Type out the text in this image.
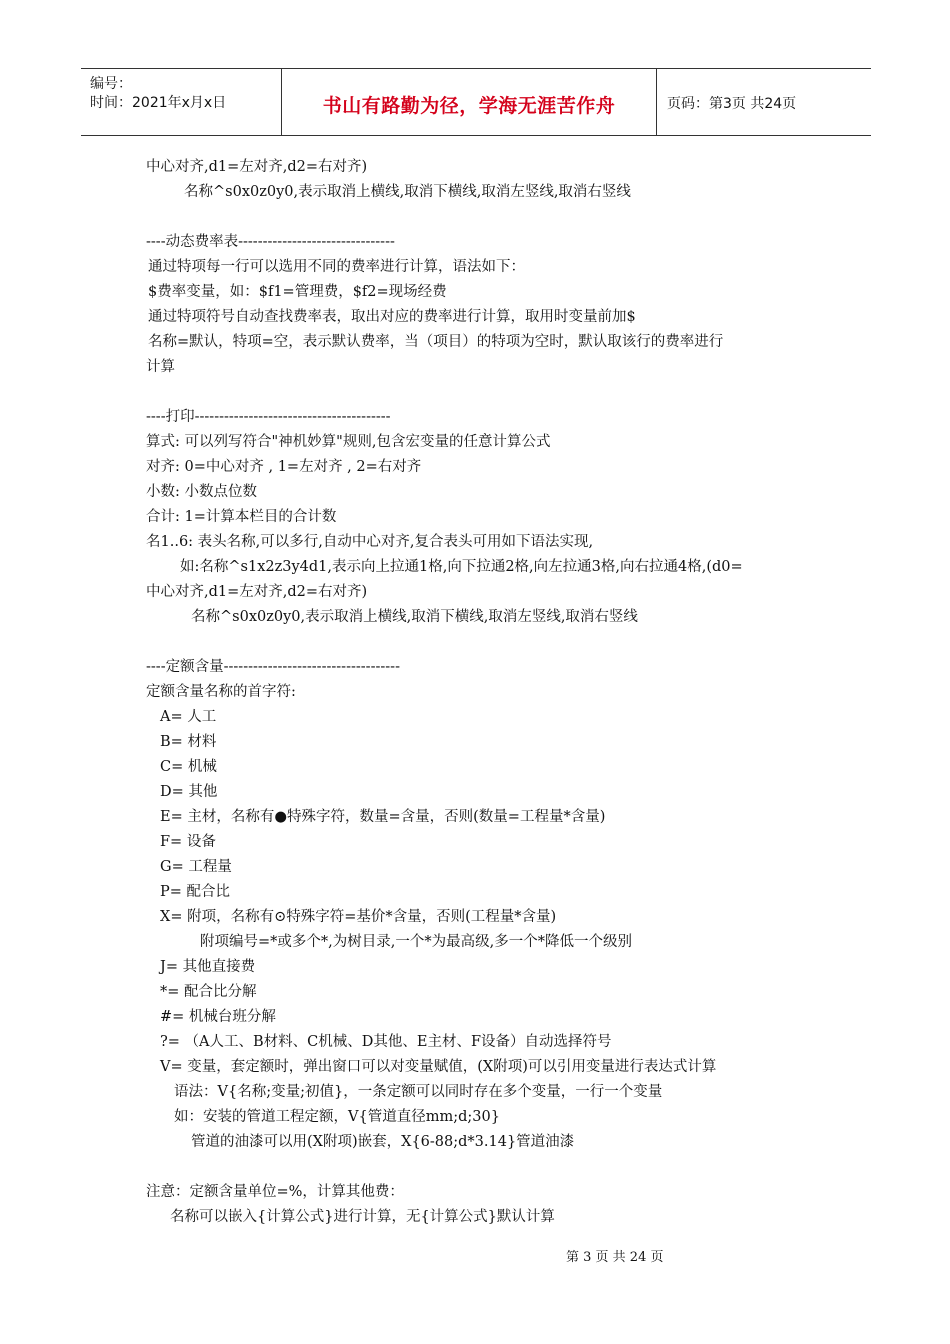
编号：
时间：2021年x月x日	书山有路勤为径，学海无涯苦作舟	页码：第3页 共24页
中心对齐,d1=左对齐,d2=右对齐)
名称^s0x0z0y0,表示取消上横线,取消下横线,取消左竖线,取消右竖线
----动态费率表--------------------------------
通过特项每一行可以选用不同的费率进行计算，语法如下：
$费率变量，如：$f1=管理费，$f2=现场经费
通过特项符号自动查找费率表，取出对应的费率进行计算，取用时变量前加$
名称=默认，特项=空，表示默认费率，当（项目）的特项为空时，默认取该行的费率进行
计算
----打印----------------------------------------
算式: 可以列写符合"神机妙算"规则,包含宏变量的任意计算公式
对齐: 0=中心对齐 , 1=左对齐 , 2=右对齐
小数: 小数点位数
合计: 1=计算本栏目的合计数
名1..6: 表头名称,可以多行,自动中心对齐,复合表头可用如下语法实现,
如:名称^s1x2z3y4d1,表示向上拉通1格,向下拉通2格,向左拉通3格,向右拉通4格,(d0=
中心对齐,d1=左对齐,d2=右对齐)
名称^s0x0z0y0,表示取消上横线,取消下横线,取消左竖线,取消右竖线
----定额含量------------------------------------
定额含量名称的首字符:
A= 人工
B= 材料
C= 机械
D= 其他
E= 主材，名称有●特殊字符，数量=含量，否则(数量=工程量*含量)
F= 设备
G= 工程量
P= 配合比
X= 附项，名称有⊙特殊字符=基价*含量，否则(工程量*含量)
附项编号=*或多个*,为树目录,一个*为最高级,多一个*降低一个级别
J= 其他直接费
*= 配合比分解
#= 机械台班分解
?= （A人工、B材料、C机械、D其他、E主材、F设备）自动选择符号
V= 变量，套定额时，弹出窗口可以对变量赋值，(X附项)可以引用变量进行表达式计算
语法：V{名称;变量;初值}，一条定额可以同时存在多个变量，一行一个变量
如：安装的管道工程定额，V{管道直径mm;d;30}
管道的油漆可以用(X附项)嵌套，X{6-88;d*3.14}管道油漆
注意：定额含量单位=%，计算其他费：
名称可以嵌入{计算公式}进行计算，无{计算公式}默认计算
第 3 页 共 24 页
